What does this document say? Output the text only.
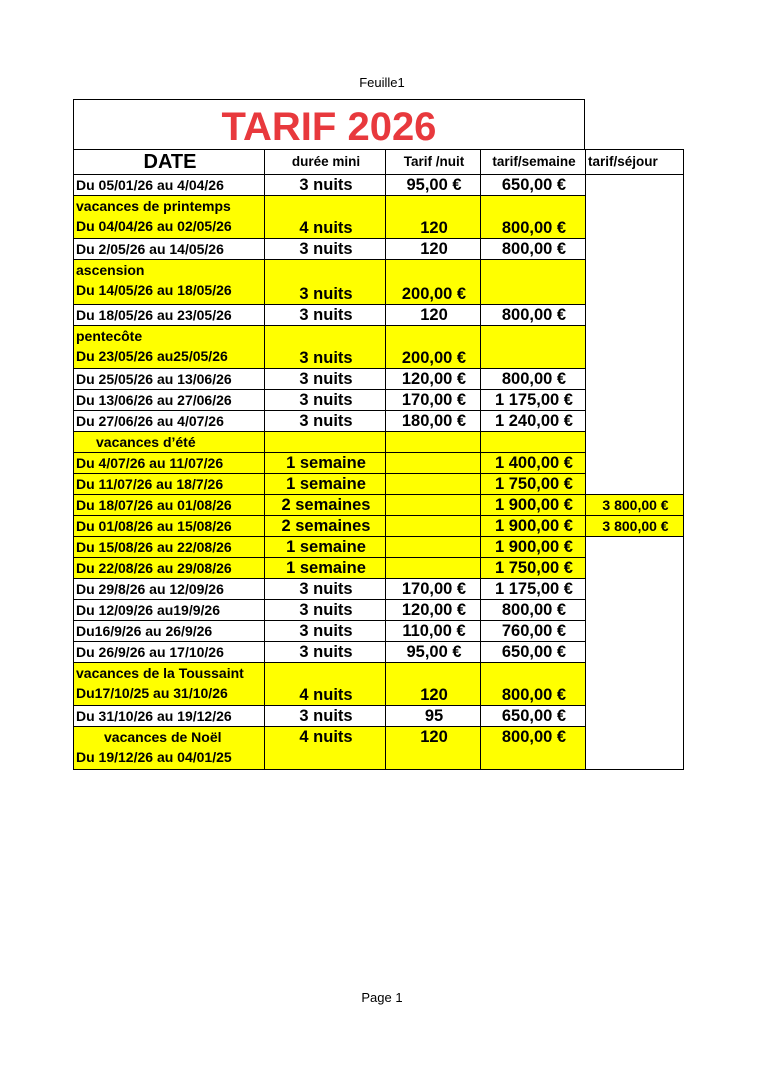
Feuille1
TARIF 2026
DATE	durée mini	Tarif /nuit	tarif/semaine	tarif/séjour
Du 05/01/26 au 4/04/26	3 nuits	95,00 €	650,00 €	

vacances de printemps
Du 04/04/26 au 02/05/26	4 nuits	120	800,00 €	
Du 2/05/26 au 14/05/26	3 nuits	120	800,00 €	

ascension
Du 14/05/26 au 18/05/26	3 nuits	200,00 €		
Du 18/05/26 au 23/05/26	3 nuits	120	800,00 €	

pentecôte
Du 23/05/26 au25/05/26	3 nuits	200,00 €		
Du 25/05/26 au 13/06/26	3 nuits	120,00 €	800,00 €	
Du 13/06/26 au 27/06/26	3 nuits	170,00 €	1 175,00 €	
Du 27/06/26 au 4/07/26	3 nuits	180,00 €	1 240,00 €	
vacances d’été				
Du 4/07/26 au 11/07/26	1 semaine		1 400,00 €	
Du 11/07/26 au 18/7/26	1 semaine		1 750,00 €	
Du 18/07/26 au 01/08/26	2 semaines		1 900,00 €	3 800,00 €
Du 01/08/26 au 15/08/26	2 semaines		1 900,00 €	3 800,00 €
Du 15/08/26 au 22/08/26	1 semaine		1 900,00 €	
Du 22/08/26 au 29/08/26	1 semaine		1 750,00 €	
Du 29/8/26 au 12/09/26	3 nuits	170,00 €	1 175,00 €	
Du 12/09/26 au19/9/26	3 nuits	120,00 €	800,00 €	
Du16/9/26 au 26/9/26	3 nuits	110,00 €	760,00 €	
Du 26/9/26 au 17/10/26	3 nuits	95,00 €	650,00 €	

vacances de la Toussaint
Du17/10/25 au 31/10/26	4 nuits	120	800,00 €	
Du 31/10/26 au 19/12/26	3 nuits	95	650,00 €	

vacances de Noël
Du 19/12/26 au 04/01/25	4 nuits	120	800,00 €	
Page 1
